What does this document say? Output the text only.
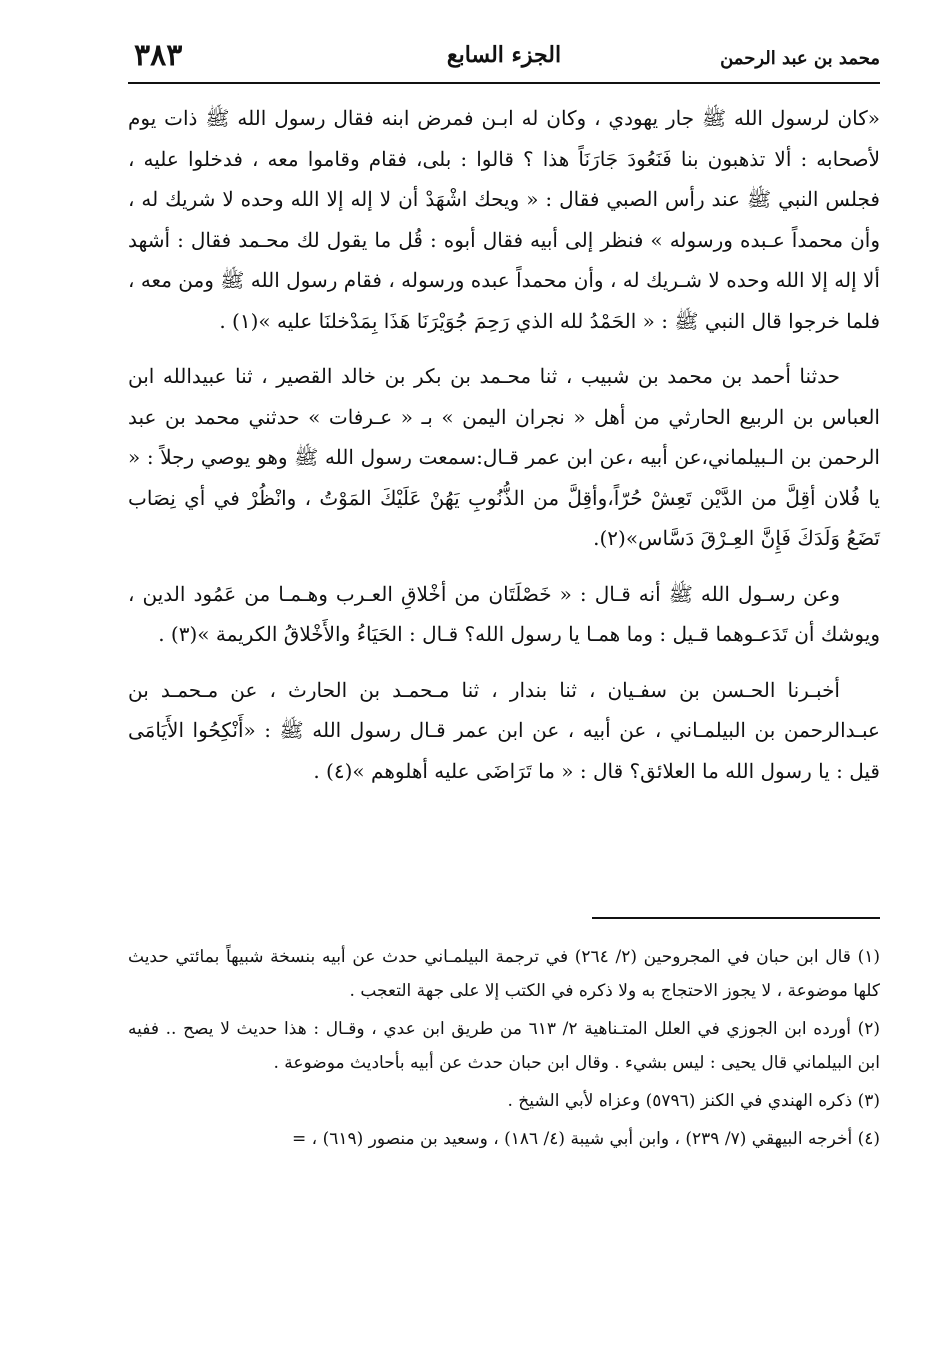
٣٨٣	الجزء السابع	محمد بن عبد الرحمن

«كان لرسول الله ﷺ جار يهودي ، وكان له ابـن فمرض ابنه فقال رسول الله ﷺ ذات يوم لأصحابه : ألا تذهبون بنا فَنَعُودَ جَارَنَاً هذا ؟ قالوا : بلى، فقام وقاموا معه ، فدخلوا عليه ، فجلس النبي ﷺ عند رأس الصبي فقال : « ويحك اشْهَدْ أن لا إله إلا الله وحده لا شريك له ، وأن محمداً عـبده ورسوله » فنظر إلى أبيه فقال أبوه : قُل ما يقول لك محـمد فقال : أشهد ألا إله إلا الله وحده لا شـريك له ، وأن محمداً عبده ورسوله ، فقام رسول الله ﷺ ومن معه ، فلما خرجوا قال النبي ﷺ : « الحَمْدُ لله الذي رَحِمَ جُوَيْرَنَا هَذَا بِمَدْخلنَا عليه »(١) .

حدثنا أحمد بن محمد بن شبيب ، ثنا محـمد بن بكر بن خالد القصير ، ثنا عبيدالله ابن العباس بن الربيع الحارثي من أهل « نجران اليمن » بـ « عـرفات » حدثني محمد بن عبد الرحمن بن الـبيلماني،عن أبيه ،عن ابن عمر قـال:سمعت رسول الله ﷺ وهو يوصي رجلاً : « يا فُلان أقِلَّ من الدَّيْن تَعِشْ حُرّاً،وأقِلَّ من الذُّنُوبِ يَهُنْ عَلَيْكَ المَوْتُ ، وانْظُرْ في أي نِصَاب تَضَعُ وَلَدَكَ فَإِنَّ العِـرْقَ دَسَّاس»(٢).

وعن رسـول الله ﷺ أنه قـال : « خَصْلَتَان من أخْلاقِ العـرب وهـمـا من عَمُود الدين ، ويوشك أن تَدَعـوهما قـيل : وما همـا يا رسول الله؟ قـال : الحَيَاءُ والأَخْلاقُ الكريمة »(٣) .

أخبـرنا الحـسن بن سفـيان ، ثنا بندار ، ثنا مـحمـد بن الحارث ، عن مـحمـد بن عبـدالرحمن بن البيلمـاني ، عن أبيه ، عن ابن عمر قـال رسول الله ﷺ : «أَنْكِحُوا الأَيَامَى قيل : يا رسول الله ما العلائق؟ قال : « ما تَرَاضَى عليه أهلوهم »(٤) .

(١) قال ابن حبان في المجروحين (٢/ ٢٦٤) في ترجمة البيلمـاني حدث عن أبيه بنسخة شبيهاً بمائتي حديث كلها موضوعة ، لا يجوز الاحتجاج به ولا ذكره في الكتب إلا على جهة التعجب .

(٢) أورده ابن الجوزي في العلل المتـناهية ٢/ ٦١٣ من طريق ابن عدي ، وقـال : هذا حديث لا يصح .. ففيه ابن البيلماني قال يحيى : ليس بشيء . وقال ابن حبان حدث عن أبيه بأحاديث موضوعة .

(٣) ذكره الهندي في الكنز (٥٧٩٦) وعزاه لأبي الشيخ .

(٤) أخرجه البيهقي (٧/ ٢٣٩) ، وابن أبي شيبة (٤/ ١٨٦) ، وسعيد بن منصور (٦١٩) ، =
